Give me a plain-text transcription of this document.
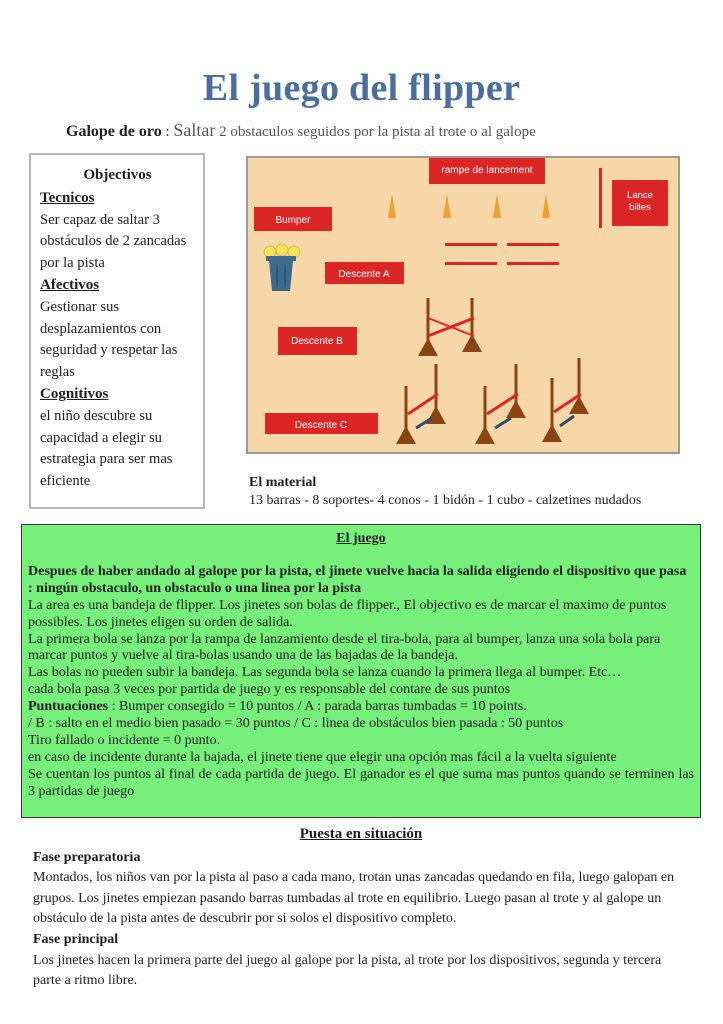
El juego del flipper
Galope de oro : Saltar 2 obstaculos seguidos por la pista al trote o al galope
Objectivos
Tecnicos
Ser capaz de saltar 3 obstáculos de 2 zancadas por la pista
Afectivos
Gestionar sus desplazamientos con seguridad y respetar las reglas
Cognitivos
el niño descubre su capacidad a elegir su estrategia para ser mas eficiente
rampe de lancement
Lance
billes
Bumper
Descente A
Descente B
Descente C
El material
13 barras - 8 soportes- 4 conos - 1 bidón - 1 cubo - calzetines nudados
El juego

Despues de haber andado al galope por la pista, el jinete vuelve hacia la salida eligiendo el dispositivo que pasa : ningún obstaculo, un obstaculo o una linea por la pista

La area es una bandeja de flipper. Los jinetes son bolas de flipper., El objectivo es de marcar el maximo de puntos possibles. Los jinetes eligen su orden de salida.

La primera bola se lanza por la rampa de lanzamiento desde el tira-bola, para al bumper, lanza una sola bola para marcar puntos y vuelve al tira-bolas usando una de las bajadas de la bandeja.

Las bolas no pueden subir la bandeja. Las segunda bola se lanza cuando la primera llega al bumper. Etc…

cada bola pasa 3 veces por partida de juego y es responsable del contare de sus puntos

Puntuaciones : Bumper consegido = 10 puntos / A : parada barras tumbadas = 10 points.

/ B : salto en el medio bien pasado = 30 puntos / C : linea de obstáculos bien pasada : 50 puntos

Tiro fallado o incidente = 0 punto.

en caso de incidente durante la bajada, el jinete tiene que elegir una opción mas fácil a la vuelta siguiente

Se cuentan los puntos al final de cada partida de juego. El ganador es el que suma mas puntos quando se terminen las 3 partidas de juego

Puesta en situación

Fase preparatoria

Montados, los niños van por la pista al paso a cada mano, trotan unas zancadas quedando en fila, luego galopan en grupos. Los jinetes empiezan pasando barras tumbadas al trote en equilibrio. Luego pasan al trote y al galope un obstáculo de la pista antes de descubrir por si solos el dispositivo completo.

Fase principal

Los jinetes hacen la primera parte del juego al galope por la pista, al trote por los dispositivos, segunda y tercera parte a ritmo libre.
